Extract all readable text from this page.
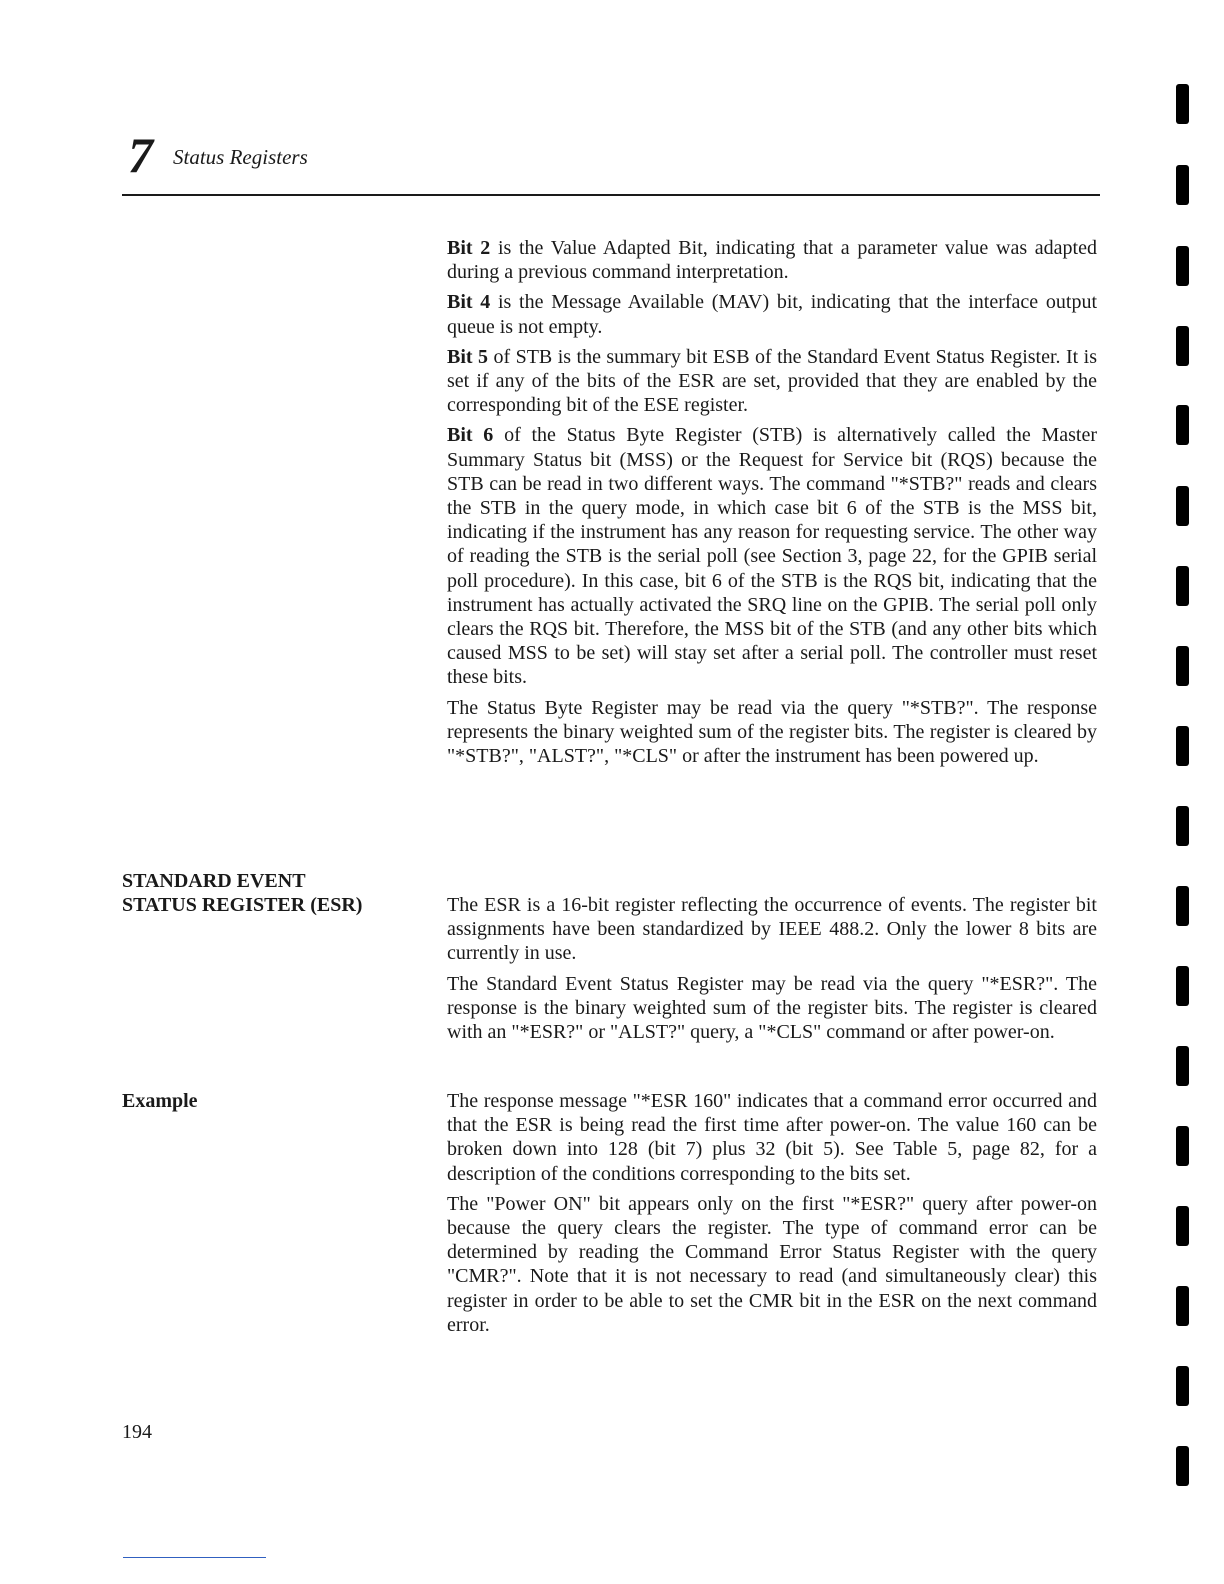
7 Status Registers

Bit 2 is the Value Adapted Bit, indicating that a parameter value was adapted during a previous command interpretation.

Bit 4 is the Message Available (MAV) bit, indicating that the interface output queue is not empty.

Bit 5 of STB is the summary bit ESB of the Standard Event Status Register. It is set if any of the bits of the ESR are set, provided that they are enabled by the corresponding bit of the ESE register.

Bit 6 of the Status Byte Register (STB) is alternatively called the Master Summary Status bit (MSS) or the Request for Service bit (RQS) because the STB can be read in two different ways. The command "*STB?" reads and clears the STB in the query mode, in which case bit 6 of the STB is the MSS bit, indicating if the instrument has any reason for requesting service. The other way of reading the STB is the serial poll (see Section 3, page 22, for the GPIB serial poll procedure). In this case, bit 6 of the STB is the RQS bit, indicating that the instrument has actually activated the SRQ line on the GPIB. The serial poll only clears the RQS bit. Therefore, the MSS bit of the STB (and any other bits which caused MSS to be set) will stay set after a serial poll. The controller must reset these bits.

The Status Byte Register may be read via the query "*STB?". The response represents the binary weighted sum of the register bits. The register is cleared by "*STB?", "ALST?", "*CLS" or after the instrument has been powered up.

STANDARD EVENT
STATUS REGISTER (ESR)	The ESR is a 16-bit register reflecting the occurrence of events. The register bit assignments have been standardized by IEEE 488.2. Only the lower 8 bits are currently in use.

The Standard Event Status Register may be read via the query "*ESR?". The response is the binary weighted sum of the register bits. The register is cleared with an "*ESR?" or "ALST?" query, a "*CLS" command or after power-on.

Example	The response message "*ESR 160" indicates that a command error occurred and that the ESR is being read the first time after power-on. The value 160 can be broken down into 128 (bit 7) plus 32 (bit 5). See Table 5, page 82, for a description of the conditions corresponding to the bits set.

The "Power ON" bit appears only on the first "*ESR?" query after power-on because the query clears the register. The type of command error can be determined by reading the Command Error Status Register with the query "CMR?". Note that it is not necessary to read (and simultaneously clear) this register in order to be able to set the CMR bit in the ESR on the next command error.

194
